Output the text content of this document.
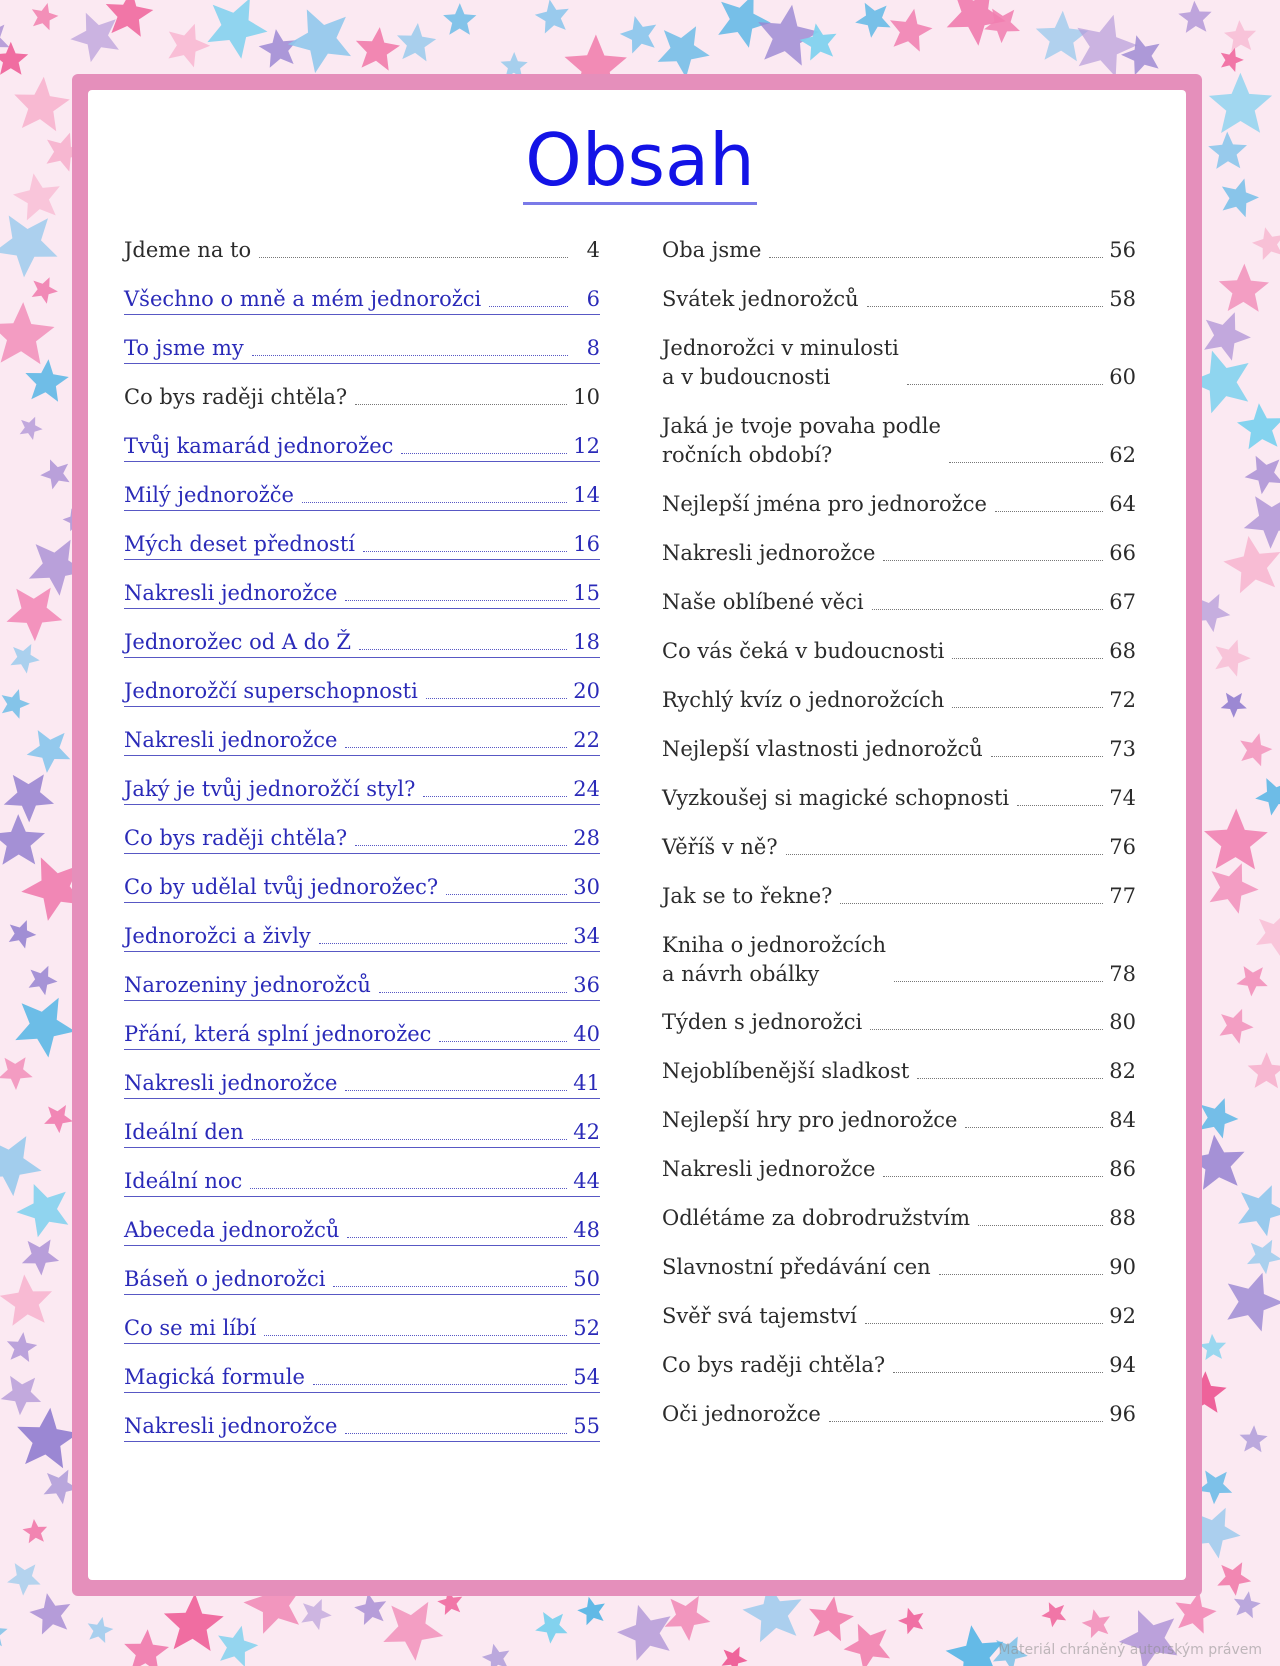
Obsah
Jdeme na to	4
Všechno o mně a mém jednorožci	6
To jsme my	8
Co bys raději chtěla?	10
Tvůj kamarád jednorožec	12
Milý jednorožče	14
Mých deset předností	16
Nakresli jednorožce	15
Jednorožec od A do Ž	18
Jednorožčí superschopnosti	20
Nakresli jednorožce	22
Jaký je tvůj jednorožčí styl?	24
Co bys raději chtěla?	28
Co by udělal tvůj jednorožec?	30
Jednorožci a živly	34
Narozeniny jednorožců	36
Přání, která splní jednorožec	40
Nakresli jednorožce	41
Ideální den	42
Ideální noc	44
Abeceda jednorožců	48
Báseň o jednorožci	50
Co se mi líbí	52
Magická formule	54
Nakresli jednorožce	55
Oba jsme	56
Svátek jednorožců	58
Jednorožci v minulosti
a v budoucnosti	60
Jaká je tvoje povaha podle
ročních období?	62
Nejlepší jména pro jednorožce	64
Nakresli jednorožce	66
Naše oblíbené věci	67
Co vás čeká v budoucnosti	68
Rychlý kvíz o jednorožcích	72
Nejlepší vlastnosti jednorožců	73
Vyzkoušej si magické schopnosti	74
Věříš v ně?	76
Jak se to řekne?	77
Kniha o jednorožcích
a návrh obálky	78
Týden s jednorožci	80
Nejoblíbenější sladkost	82
Nejlepší hry pro jednorožce	84
Nakresli jednorožce	86
Odlétáme za dobrodružstvím	88
Slavnostní předávání cen	90
Svěř svá tajemství	92
Co bys raději chtěla?	94
Oči jednorožce	96
Materiál chráněný autorským právem
